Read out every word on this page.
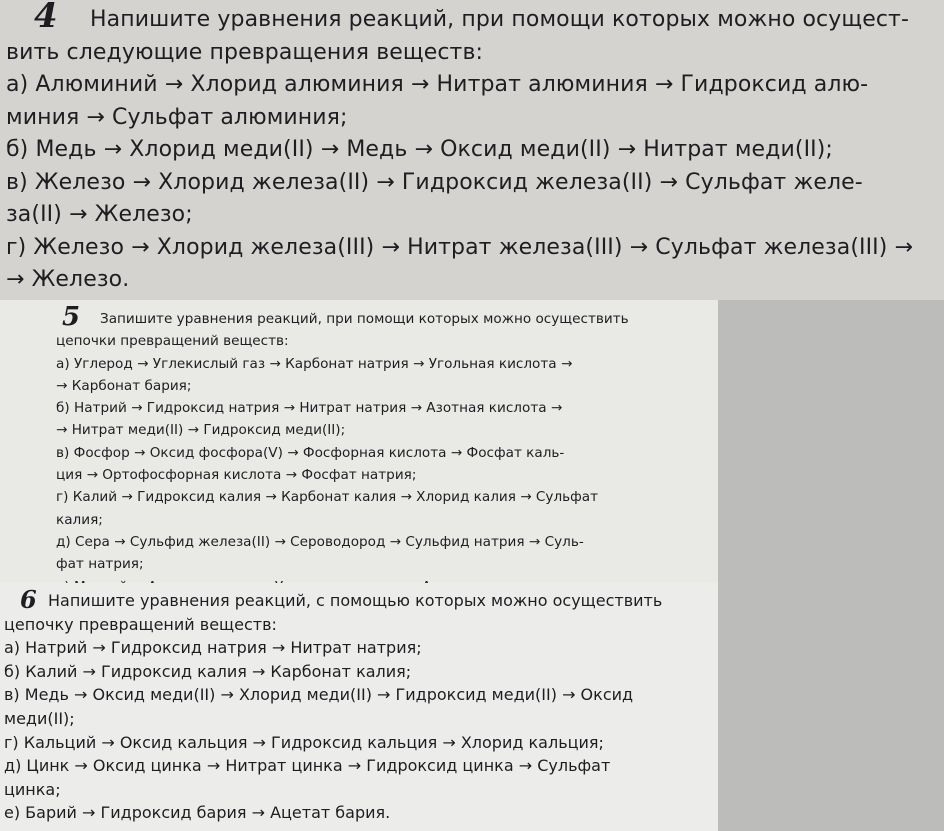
4	Напишите уравнения реакций, при помощи которых можно осущест-
вить следующие превращения веществ:
а) Алюминий → Хлорид алюминия → Нитрат алюминия → Гидроксид алю-
миния → Сульфат алюминия;
б) Медь → Хлорид меди(II) → Медь → Оксид меди(II) → Нитрат меди(II);
в) Железо → Хлорид железа(II) → Гидроксид железа(II) → Сульфат желе-
за(II) → Железо;
г) Железо → Хлорид железа(III) → Нитрат железа(III) → Сульфат железа(III) →
→ Железо.
5	Запишите уравнения реакций, при помощи которых можно осуществить
цепочки превращений веществ:
а) Углерод → Углекислый газ → Карбонат натрия → Угольная кислота →
→ Карбонат бария;
б) Натрий → Гидроксид натрия → Нитрат натрия → Азотная кислота →
→ Нитрат меди(II) → Гидроксид меди(II);
в) Фосфор → Оксид фосфора(V) → Фосфорная кислота → Фосфат каль-
ция → Ортофосфорная кислота → Фосфат натрия;
г) Калий → Гидроксид калия → Карбонат калия → Хлорид калия → Сульфат
калия;
д) Сера → Сульфид железа(II) → Сероводород → Сульфид натрия → Суль-
фат натрия;
6 Напишите уравнения реакций, с помощью которых можно осуществить
цепочку превращений веществ:
а) Натрий → Гидроксид натрия → Нитрат натрия;
б) Калий → Гидроксид калия → Карбонат калия;
в) Медь → Оксид меди(II) → Хлорид меди(II) → Гидроксид меди(II) → Оксид
меди(II);
г) Кальций → Оксид кальция → Гидроксид кальция → Хлорид кальция;
д) Цинк → Оксид цинка → Нитрат цинка → Гидроксид цинка → Сульфат
цинка;
е) Барий → Гидроксид бария → Ацетат бария.
